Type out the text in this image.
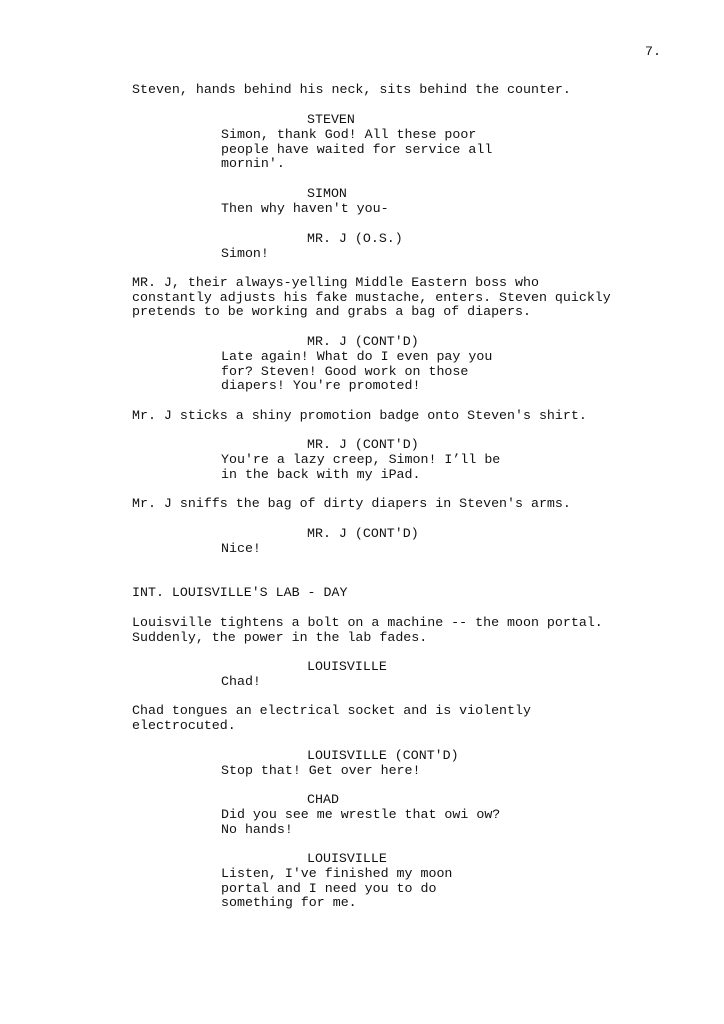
7.
Steven, hands behind his neck, sits behind the counter.
STEVEN
Simon, thank God! All these poor
people have waited for service all
mornin'.
SIMON
Then why haven't you-
MR. J (O.S.)
Simon!
MR. J, their always-yelling Middle Eastern boss who
constantly adjusts his fake mustache, enters. Steven quickly
pretends to be working and grabs a bag of diapers.
MR. J (CONT'D)
Late again! What do I even pay you
for? Steven! Good work on those
diapers! You're promoted!
Mr. J sticks a shiny promotion badge onto Steven's shirt.
MR. J (CONT'D)
You're a lazy creep, Simon! I’ll be
in the back with my iPad.
Mr. J sniffs the bag of dirty diapers in Steven's arms.
MR. J (CONT'D)
Nice!
INT. LOUISVILLE'S LAB - DAY
Louisville tightens a bolt on a machine -- the moon portal.
Suddenly, the power in the lab fades.
LOUISVILLE
Chad!
Chad tongues an electrical socket and is violently
electrocuted.
LOUISVILLE (CONT'D)
Stop that! Get over here!
CHAD
Did you see me wrestle that owi ow?
No hands!
LOUISVILLE
Listen, I've finished my moon
portal and I need you to do
something for me.
